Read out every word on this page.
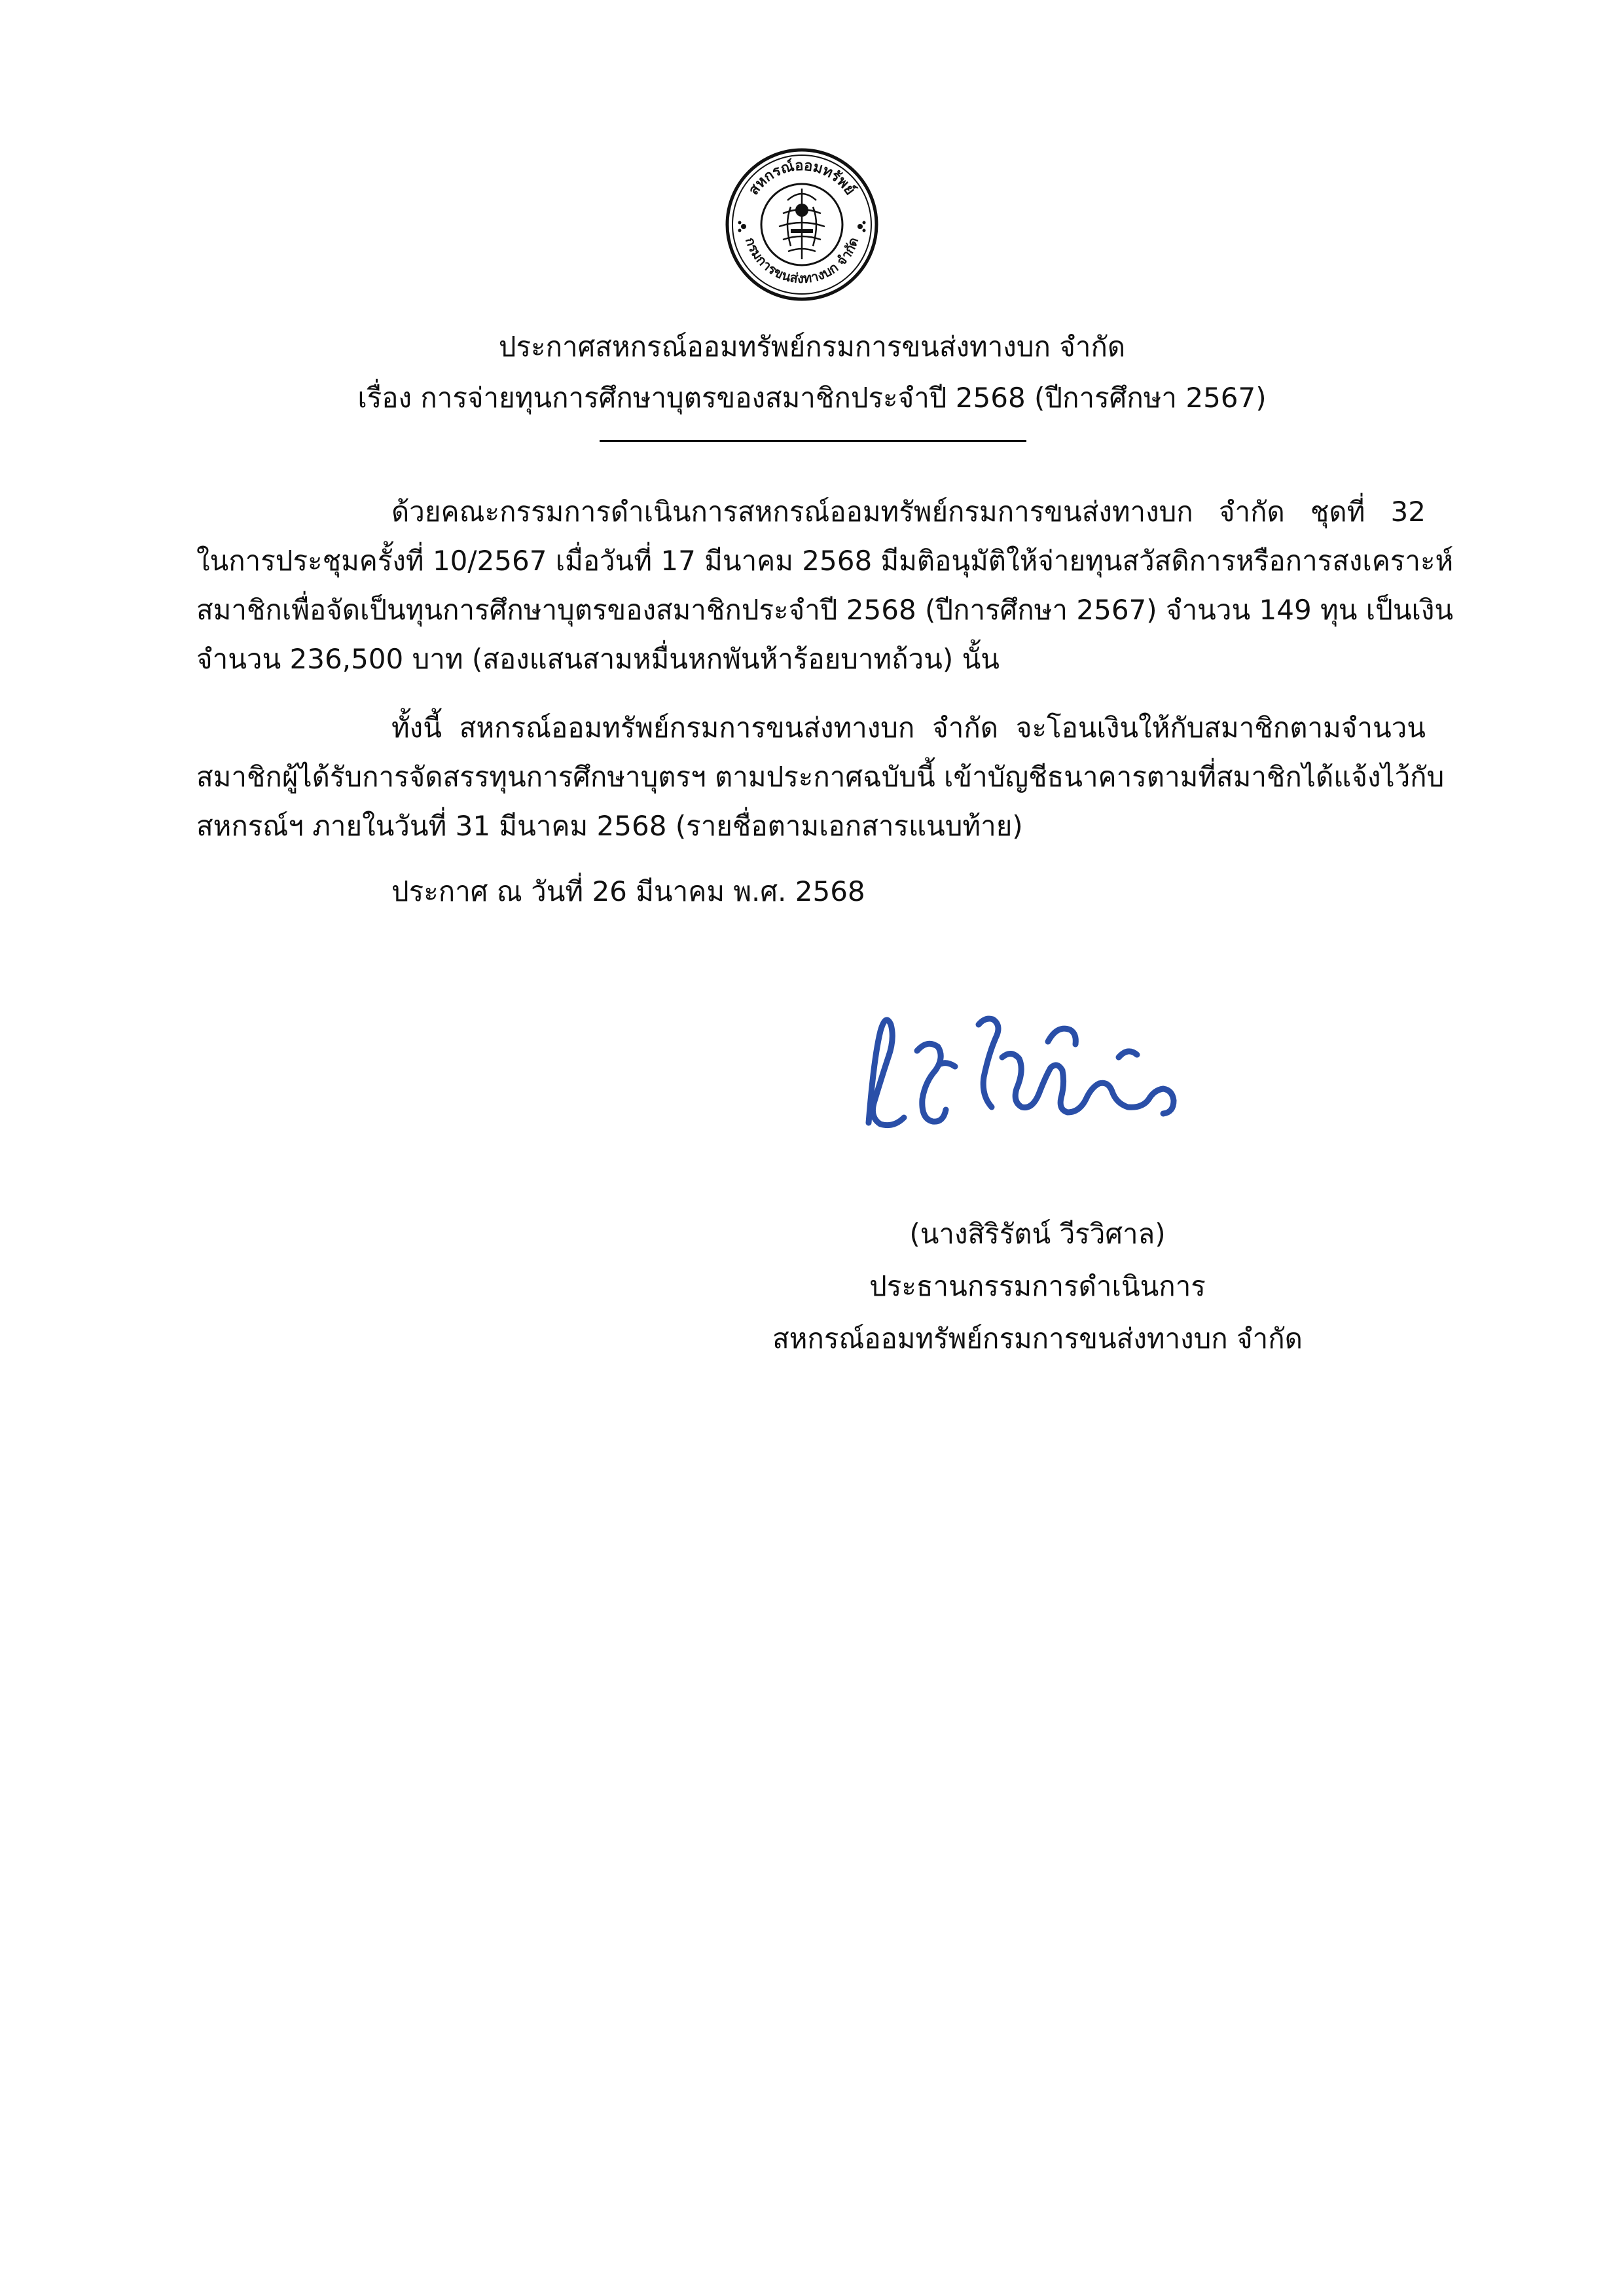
สหกรณ์ออมทรัพย์
กรมการขนส่งทางบก จำกัด
ประกาศสหกรณ์ออมทรัพย์กรมการขนส่งทางบก จำกัด
เรื่อง การจ่ายทุนการศึกษาบุตรของสมาชิกประจำปี 2568 (ปีการศึกษา 2567)
ด้วยคณะกรรมการดำเนินการสหกรณ์ออมทรัพย์กรมการขนส่งทางบก จำกัด ชุดที่ 32
ในการประชุมครั้งที่ 10/2567 เมื่อวันที่ 17 มีนาคม 2568 มีมติอนุมัติให้จ่ายทุนสวัสดิการหรือการสงเคราะห์
สมาชิกเพื่อจัดเป็นทุนการศึกษาบุตรของสมาชิกประจำปี 2568 (ปีการศึกษา 2567) จำนวน 149 ทุน เป็นเงิน
จำนวน 236,500 บาท (สองแสนสามหมื่นหกพันห้าร้อยบาทถ้วน) นั้น
ทั้งนี้ สหกรณ์ออมทรัพย์กรมการขนส่งทางบก จำกัด จะโอนเงินให้กับสมาชิกตามจำนวน
สมาชิกผู้ได้รับการจัดสรรทุนการศึกษาบุตรฯ ตามประกาศฉบับนี้ เข้าบัญชีธนาคารตามที่สมาชิกได้แจ้งไว้กับ
สหกรณ์ฯ ภายในวันที่ 31 มีนาคม 2568 (รายชื่อตามเอกสารแนบท้าย)
ประกาศ ณ วันที่ 26 มีนาคม พ.ศ. 2568
(นางสิริรัตน์ วีรวิศาล)
ประธานกรรมการดำเนินการ
สหกรณ์ออมทรัพย์กรมการขนส่งทางบก จำกัด
